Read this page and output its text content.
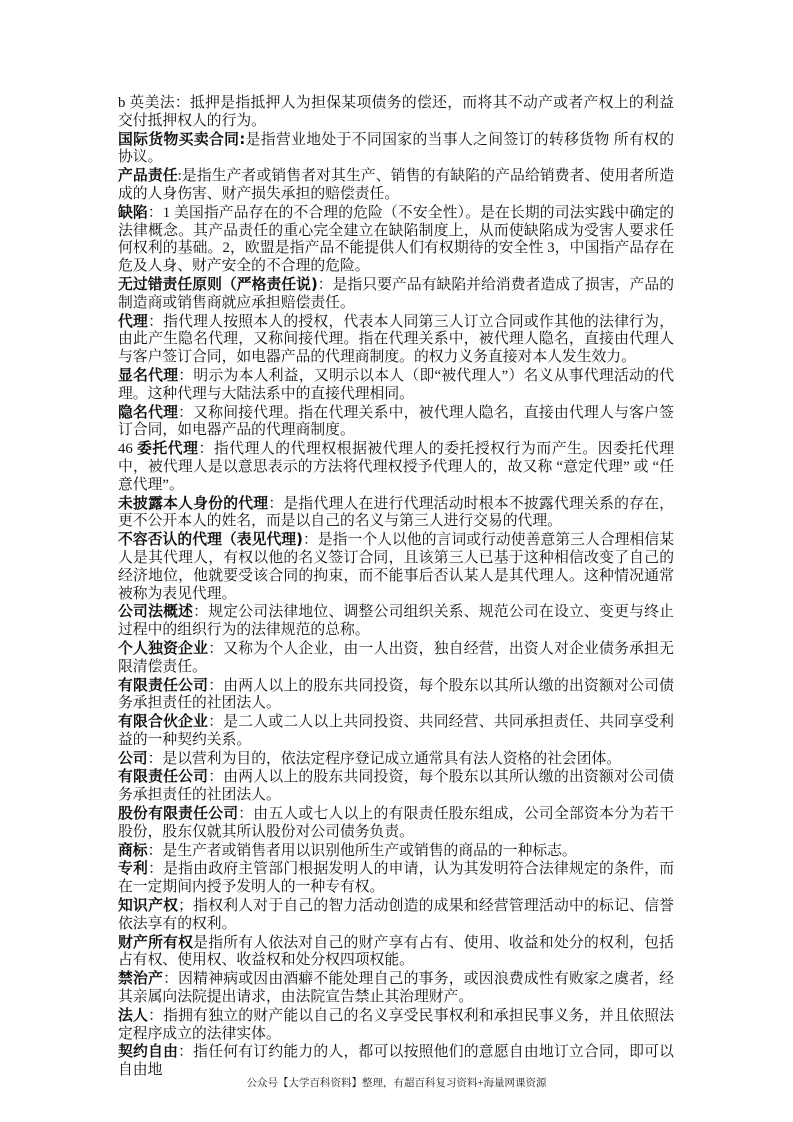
b 英美法：抵押是指抵押人为担保某项债务的偿还，而将其不动产或者产权上的利益交付抵押权人的行为。

国际货物买卖合同:是指营业地处于不同国家的当事人之间签订的转移货物 所有权的协议。

产品责任:是指生产者或销售者对其生产、销售的有缺陷的产品给销费者、使用者所造成的人身伤害、财产损失承担的赔偿责任。

缺陷：1 美国指产品存在的不合理的危险（不安全性）。是在长期的司法实践中确定的法律概念。其产品责任的重心完全建立在缺陷制度上，从而使缺陷成为受害人要求任何权利的基础。2，欧盟是指产品不能提供人们有权期待的安全性 3，中国指产品存在危及人身、财产安全的不合理的危险。

无过错责任原则（严格责任说)：是指只要产品有缺陷并给消费者造成了损害，产品的制造商或销售商就应承担赔偿责任。

代理：指代理人按照本人的授权，代表本人同第三人订立合同或作其他的法律行为，由此产生隐名代理，又称间接代理。指在代理关系中，被代理人隐名，直接由代理人与客户签订合同，如电器产品的代理商制度。的权力义务直接对本人发生效力。

显名代理：明示为本人利益，又明示以本人（即“被代理人”）名义从事代理活动的代理。这种代理与大陆法系中的直接代理相同。

隐名代理：又称间接代理。指在代理关系中，被代理人隐名，直接由代理人与客户签订合同，如电器产品的代理商制度。

46 委托代理：指代理人的代理权根据被代理人的委托授权行为而产生。因委托代理中，被代理人是以意思表示的方法将代理权授予代理人的，故又称 “意定代理” 或 “任意代理”。

未披露本人身份的代理：是指代理人在进行代理活动时根本不披露代理关系的存在，更不公开本人的姓名，而是以自己的名义与第三人进行交易的代理。

不容否认的代理（表见代理)：是指一个人以他的言词或行动使善意第三人合理相信某人是其代理人，有权以他的名义签订合同，且该第三人已基于这种相信改变了自己的经济地位，他就要受该合同的拘束，而不能事后否认某人是其代理人。这种情况通常被称为表见代理。

公司法概述：规定公司法律地位、调整公司组织关系、规范公司在设立、变更与终止过程中的组织行为的法律规范的总称。

个人独资企业：又称为个人企业，由一人出资，独自经营，出资人对企业债务承担无限清偿责任。

有限责任公司：由两人以上的股东共同投资，每个股东以其所认缴的出资额对公司债务承担责任的社团法人。

有限合伙企业：是二人或二人以上共同投资、共同经营、共同承担责任、共同享受利益的一种契约关系。

公司：是以营利为目的，依法定程序登记成立通常具有法人资格的社会团体。

有限责任公司：由两人以上的股东共同投资，每个股东以其所认缴的出资额对公司债务承担责任的社团法人。

股份有限责任公司：由五人或七人以上的有限责任股东组成，公司全部资本分为若干股份，股东仅就其所认股份对公司债务负责。

商标：是生产者或销售者用以识别他所生产或销售的商品的一种标志。

专利：是指由政府主管部门根据发明人的申请，认为其发明符合法律规定的条件，而在一定期间内授予发明人的一种专有权。

知识产权；指权利人对于自己的智力活动创造的成果和经营管理活动中的标记、信誉依法享有的权利。

财产所有权是指所有人依法对自己的财产享有占有、使用、收益和处分的权利，包括占有权、使用权、收益权和处分权四项权能。

禁治产：因精神病或因由酒癖不能处理自己的事务，或因浪费成性有败家之虞者，经其亲属向法院提出请求，由法院宣告禁止其治理财产。

法人：指拥有独立的财产能以自己的名义享受民事权利和承担民事义务，并且依照法定程序成立的法律实体。

契约自由：指任何有订约能力的人，都可以按照他们的意愿自由地订立合同，即可以自由地

公众号【大学百科资料】整理，有超百科复习资料+海量网课资源
